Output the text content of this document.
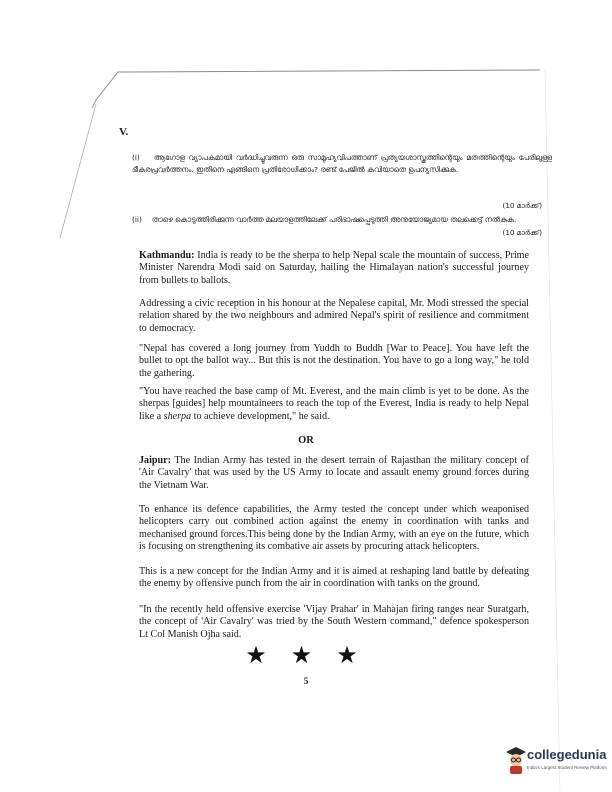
V.

(i) ആഗോള വ്യാപകമായി വർദ്ധിച്ചുവരുന്ന ഒരു സാമൂഹ്യവിപത്താണ് പ്രത്യയശാസ്ത്രത്തിന്റെയും മതത്തിന്റെയും പേരിലുള്ള ഭീകരപ്രവർത്തനം. ഇതിനെ എങ്ങിനെ പ്രതിരോധിക്കാം? രണ്ട് പേജിൽ കവിയാതെ ഉപന്യസിക്കുക.

(10 മാർക്ക്)

(ii) താഴെ കൊടുത്തിരിക്കുന്ന വാർത്ത മലയാളത്തിലേക്ക് പരിഭാഷപ്പെടുത്തി അനുയോജ്യമായ തലക്കെട്ട് നൽകുക.

(10 മാർക്ക്)

Kathmandu: India is ready to be the sherpa to help Nepal scale the mountain of success, Prime Minister Narendra Modi said on Saturday, hailing the Himalayan nation's successful journey from bullets to ballots.

Addressing a civic reception in his honour at the Nepalese capital, Mr. Modi stressed the special relation shared by the two neighbours and admired Nepal's spirit of resilience and commitment to democracy.

"Nepal has covered a long journey from Yuddh to Buddh [War to Peace]. You have left the bullet to opt the ballot way... But this is not the destination. You have to go a long way," he told the gathering.

"You have reached the base camp of Mt. Everest, and the main climb is yet to be done. As the sherpas [guides] help mountaineers to reach the top of the Everest, India is ready to help Nepal like a sherpa to achieve development," he said.

OR

Jaipur: The Indian Army has tested in the desert terrain of Rajasthan the military concept of 'Air Cavalry' that was used by the US Army to locate and assault enemy ground forces during the Vietnam War.

To enhance its defence capabilities, the Army tested the concept under which weaponised helicopters carry out combined action against the enemy in coordination with tanks and mechanised ground forces.This being done by the Indian Army, with an eye on the future, which is focusing on strengthening its combative air assets by procuring attack helicopters.

This is a new concept for the Indian Army and it is aimed at reshaping land battle by defeating the enemy by offensive punch from the air in coordination with tanks on the ground.

"In the recently held offensive exercise 'Vijay Prahar' in Mahajan firing ranges near Suratgarh, the concept of 'Air Cavalry' was tried by the South Western command," defence spokesperson Lt Col Manish Ojha said.

★ ★ ★

5

collegedunia
India's Largest Student Review Platform
